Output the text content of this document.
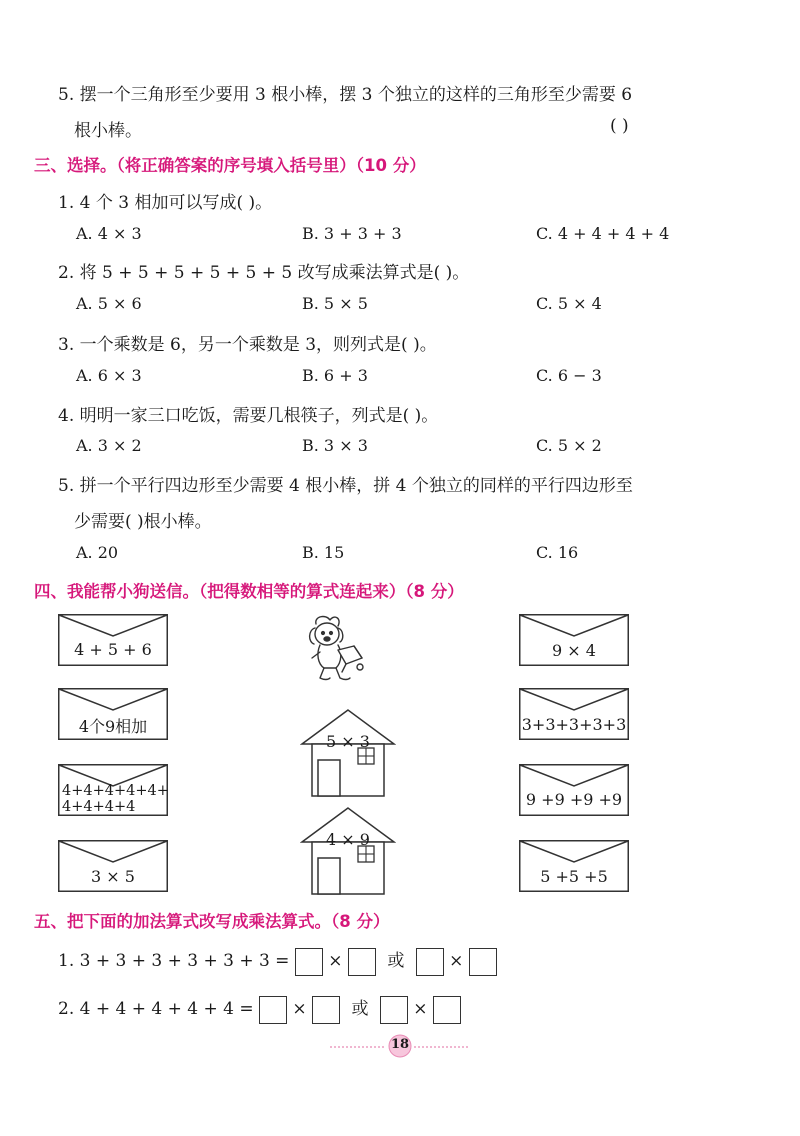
5. 摆一个三角形至少要用 3 根小棒，摆 3 个独立的这样的三角形至少需要 6
根小棒。	( )
三、选择。（将正确答案的序号填入括号里）（10 分）
1. 4 个 3 相加可以写成( )。
A. 4 × 3	B. 3 + 3 + 3	C. 4 + 4 + 4 + 4
2. 将 5 + 5 + 5 + 5 + 5 + 5 改写成乘法算式是( )。
A. 5 × 6	B. 5 × 5	C. 5 × 4
3. 一个乘数是 6，另一个乘数是 3，则列式是( )。
A. 6 × 3	B. 6 + 3	C. 6 − 3
4. 明明一家三口吃饭，需要几根筷子，列式是( )。
A. 3 × 2	B. 3 × 3	C. 5 × 2
5. 拼一个平行四边形至少需要 4 根小棒，拼 4 个独立的同样的平行四边形至
少需要( )根小棒。
A. 20	B. 15	C. 16
四、我能帮小狗送信。（把得数相等的算式连起来）（8 分）
4 + 5 + 6
4个9相加
4+4+4+4+4+
4+4+4+4
3 × 5
5 × 3
4 × 9
9 × 4
3+3+3+3+3
9 +9 +9 +9
5 +5 +5
五、把下面的加法算式改写成乘法算式。（8 分）
1. 3 + 3 + 3 + 3 + 3 + 3 = ×	或	×
2. 4 + 4 + 4 + 4 + 4 = ×	或	×
18
